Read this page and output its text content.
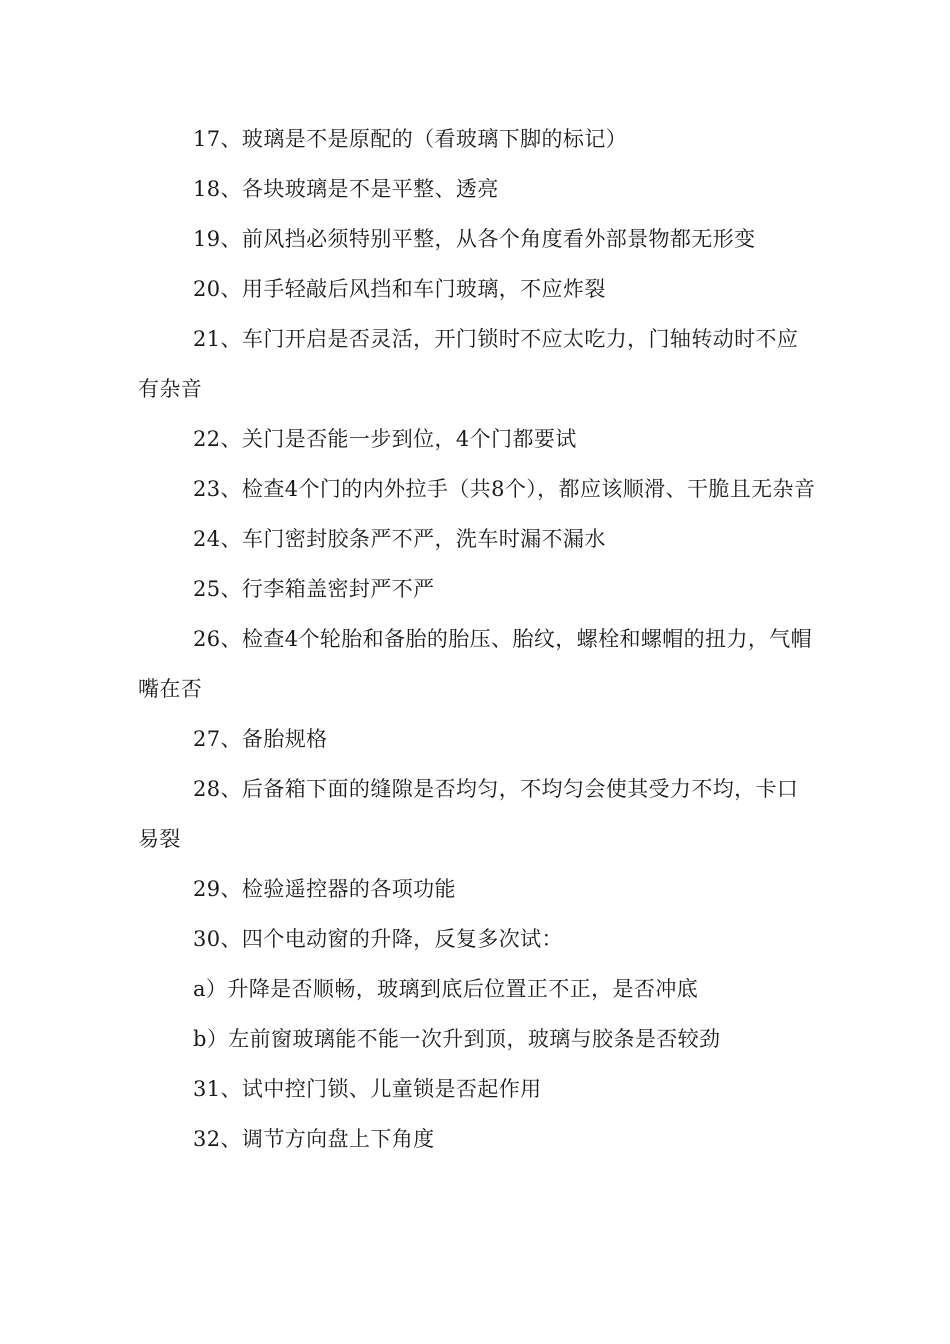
17、玻璃是不是原配的（看玻璃下脚的标记）

18、各块玻璃是不是平整、透亮

19、前风挡必须特别平整，从各个角度看外部景物都无形变

20、用手轻敲后风挡和车门玻璃，不应炸裂

21、车门开启是否灵活，开门锁时不应太吃力，门轴转动时不应有杂音

22、关门是否能一步到位，4个门都要试

23、检查4个门的内外拉手（共8个），都应该顺滑、干脆且无杂音

24、车门密封胶条严不严，洗车时漏不漏水

25、行李箱盖密封严不严

26、检查4个轮胎和备胎的胎压、胎纹，螺栓和螺帽的扭力，气帽嘴在否

27、备胎规格

28、后备箱下面的缝隙是否均匀，不均匀会使其受力不均，卡口易裂

29、检验遥控器的各项功能

30、四个电动窗的升降，反复多次试：

a）升降是否顺畅，玻璃到底后位置正不正，是否冲底

b）左前窗玻璃能不能一次升到顶，玻璃与胶条是否较劲

31、试中控门锁、儿童锁是否起作用

32、调节方向盘上下角度
